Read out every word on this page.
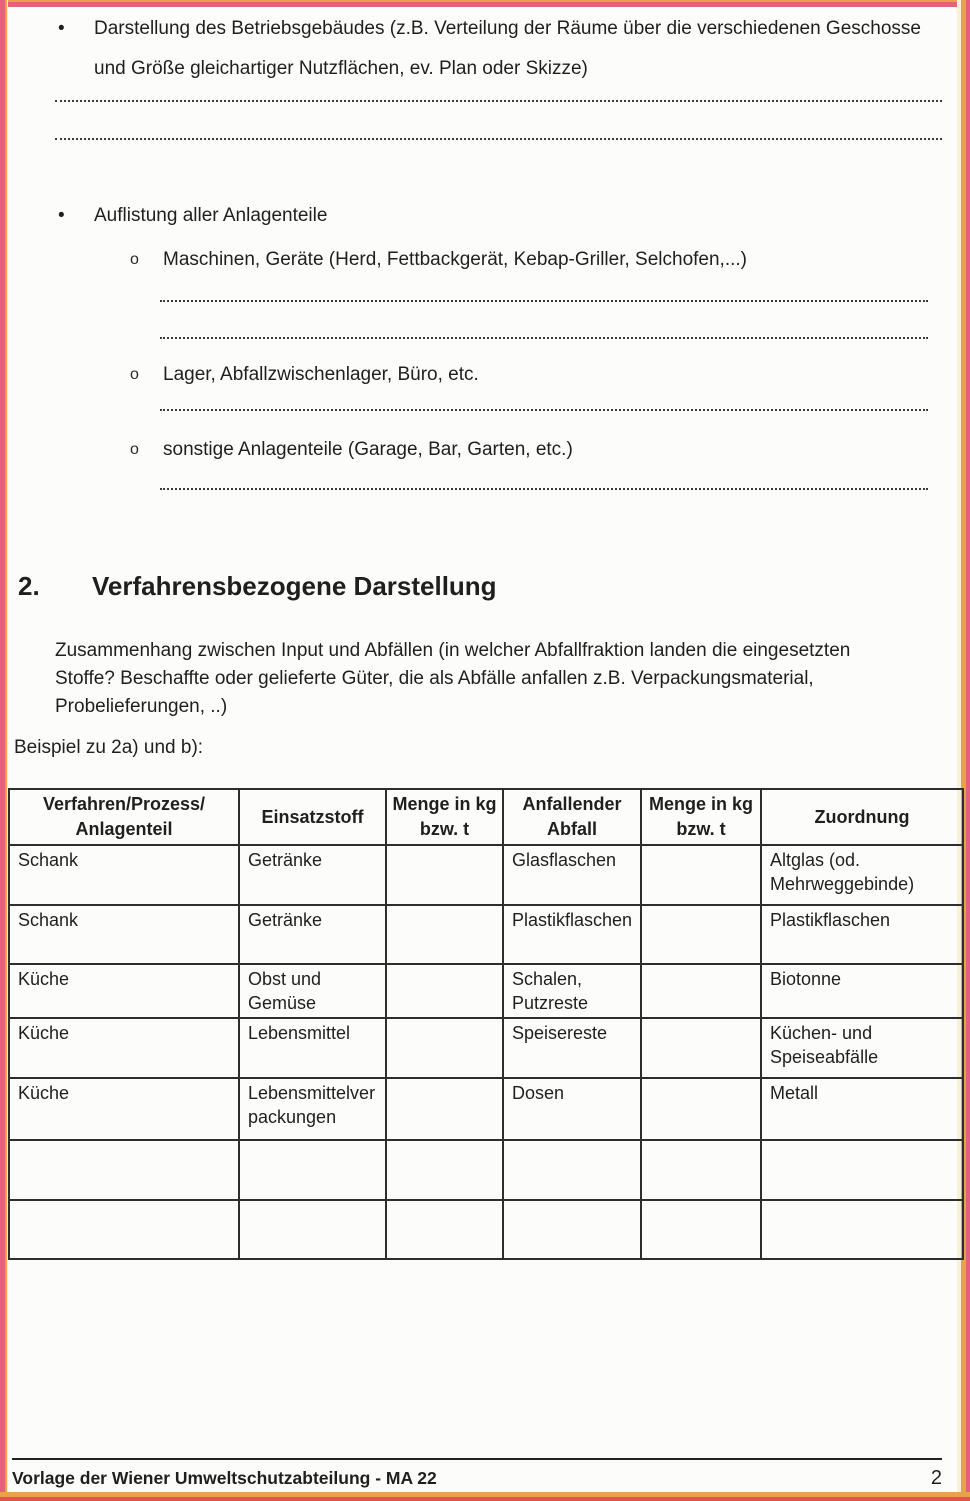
•	Darstellung des Betriebsgebäudes (z.B. Verteilung der Räume über die verschiedenen Geschosse und Größe gleichartiger Nutzflächen, ev. Plan oder Skizze)
•	Auflistung aller Anlagenteile
o	Maschinen, Geräte (Herd, Fettbackgerät, Kebap-Griller, Selchofen,...)
o	Lager, Abfallzwischenlager, Büro, etc.
o	sonstige Anlagenteile (Garage, Bar, Garten, etc.)
2.	Verfahrensbezogene Darstellung
Zusammenhang zwischen Input und Abfällen (in welcher Abfallfraktion landen die eingesetzten Stoffe? Beschaffte oder gelieferte Güter, die als Abfälle anfallen z.B. Verpackungsmaterial, Probelieferungen, ..)
Beispiel zu 2a) und b):
Verfahren/Prozess/ Anlagenteil	Einsatzstoff	Menge in kg bzw. t	Anfallender Abfall	Menge in kg bzw. t	Zuordnung
Schank	Getränke		Glasflaschen		Altglas (od. Mehrweggebinde)
Schank	Getränke		Plastikflaschen		Plastikflaschen
Küche	Obst und Gemüse		Schalen, Putzreste		Biotonne
Küche	Lebensmittel		Speisereste		Küchen- und Speiseabfälle
Küche	Lebensmittelverpackungen		Dosen		Metall

Vorlage der Wiener Umweltschutzabteilung - MA 22	2
